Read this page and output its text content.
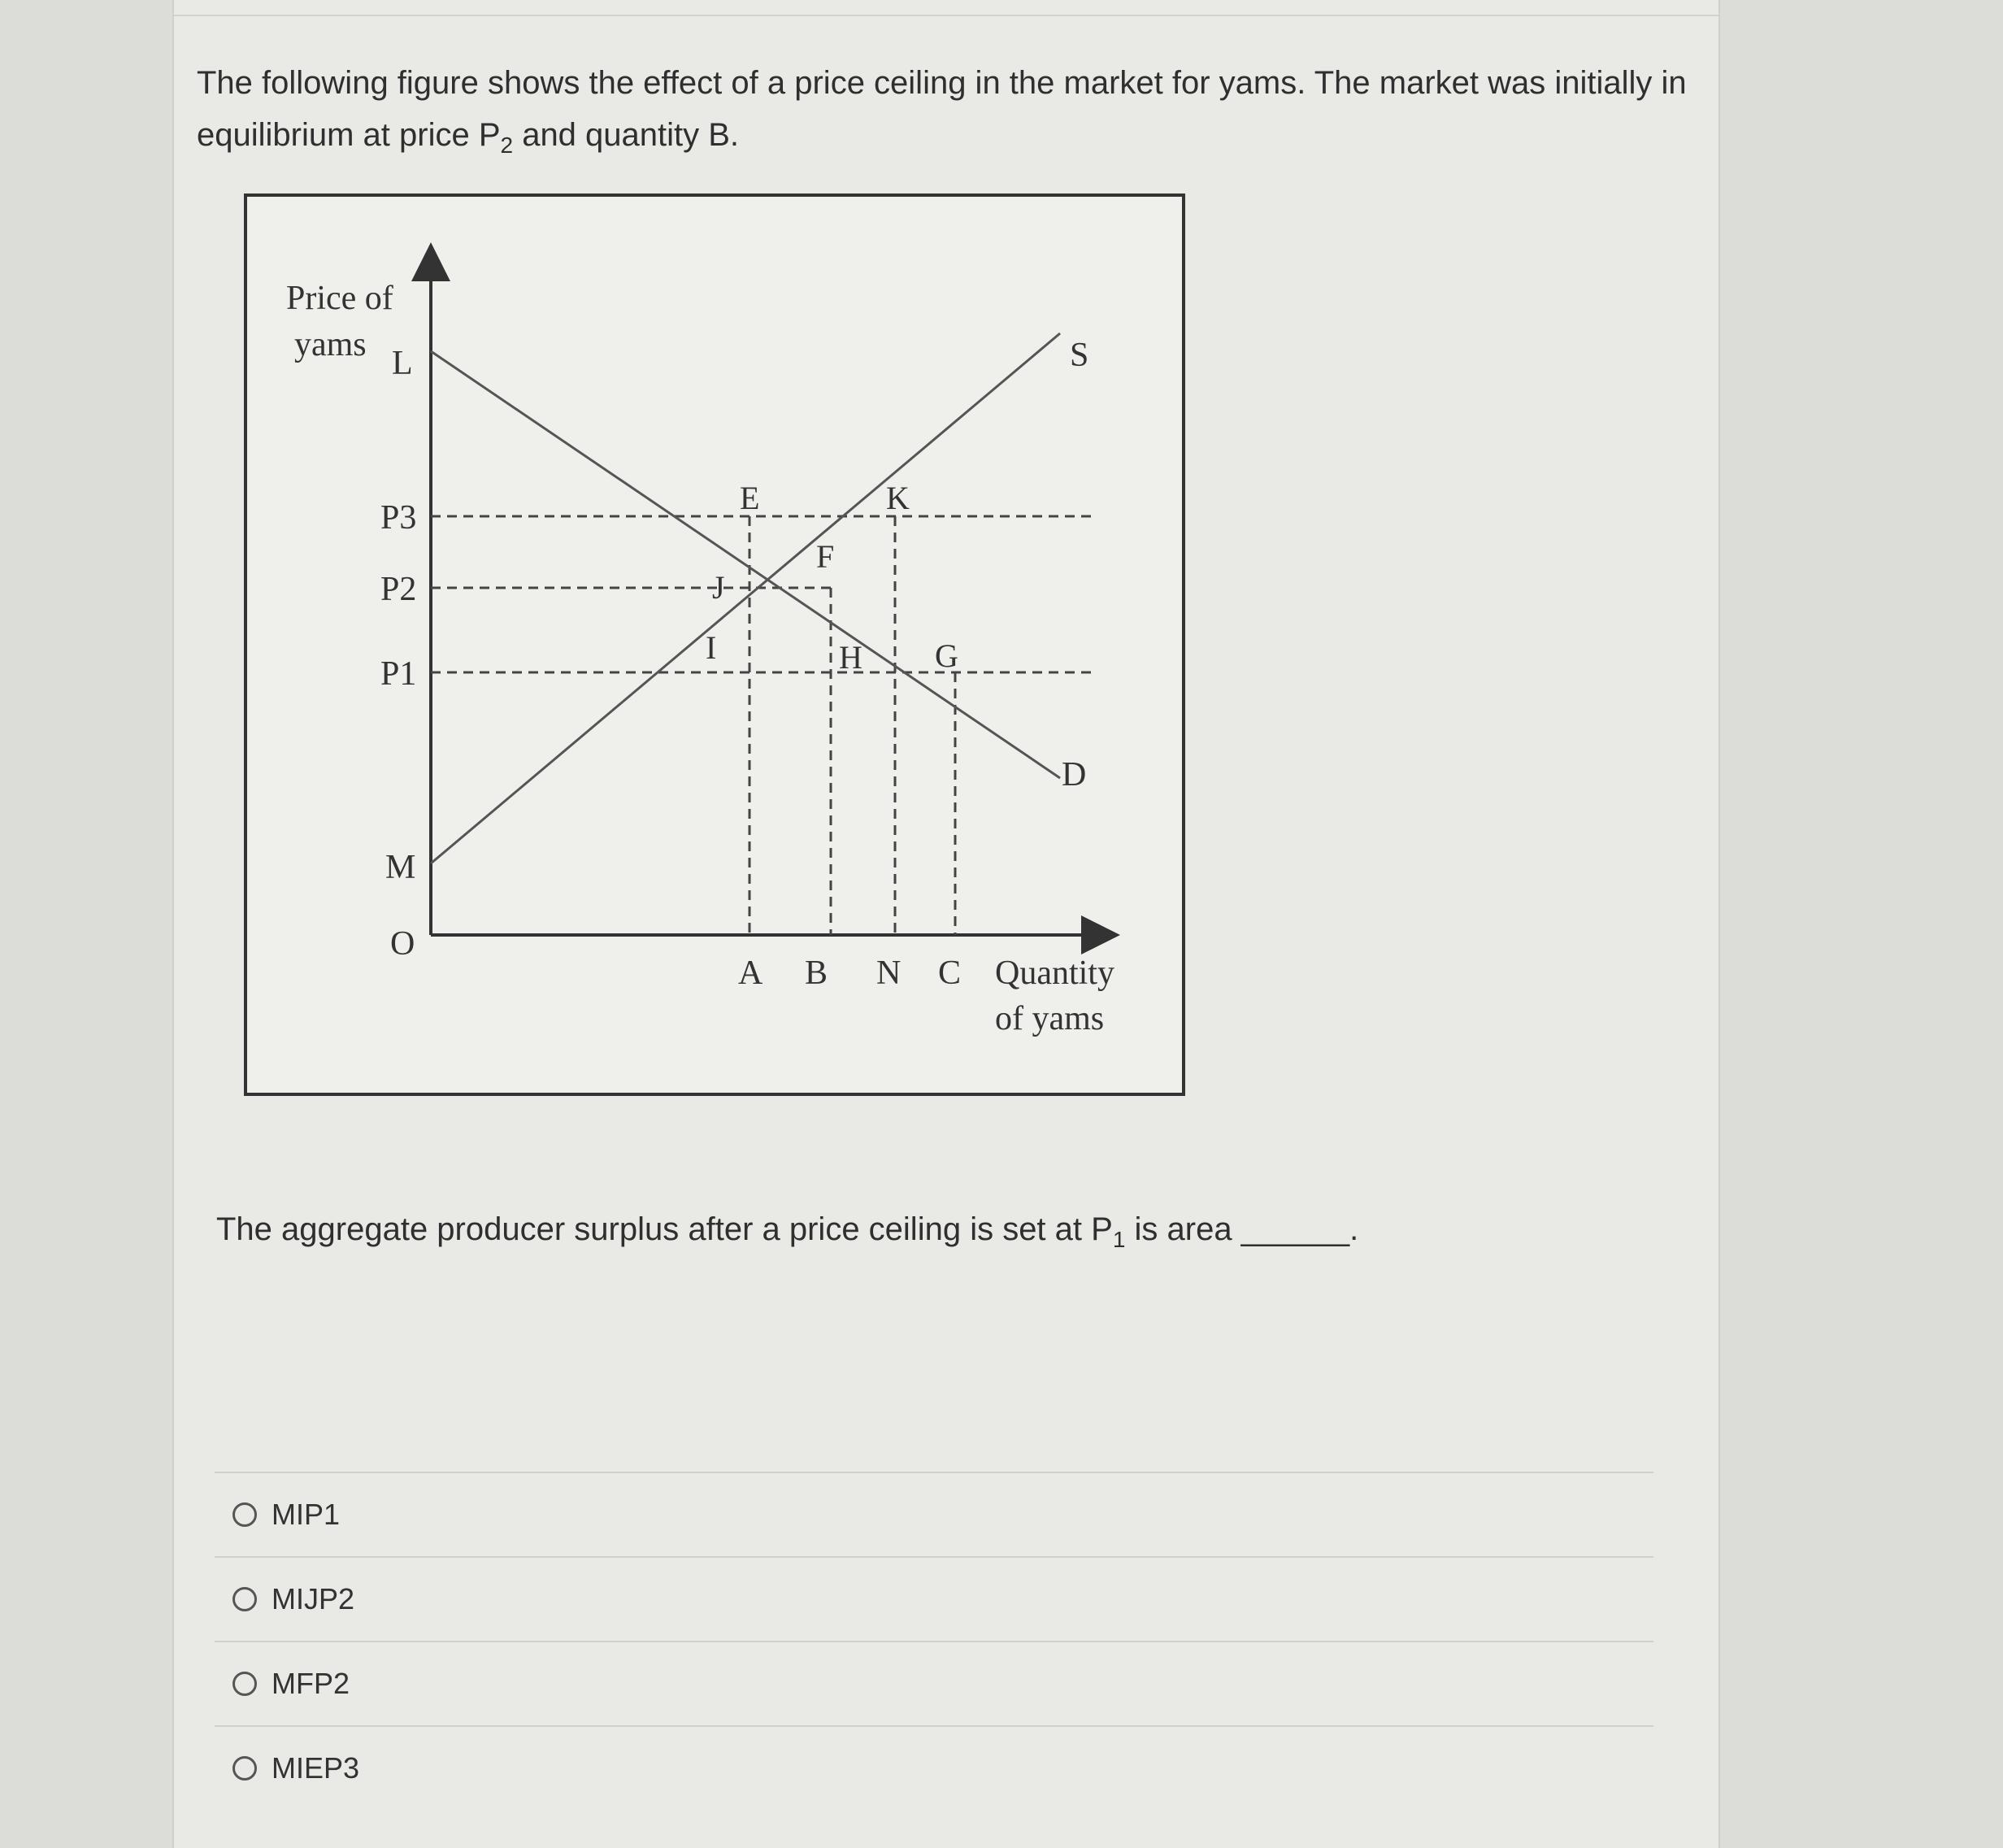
The following figure shows the effect of a price ceiling in the market for yams. The market was initially in equilibrium at price $P_2$ and quantity B.
Price of
yams
Quantity
of yams
O
L
P3
P2
P1
M
A B N C
E	K
F
J
I	H G
S
D
The aggregate producer surplus after a price ceiling is set at $P_1$ is area ______.
MIP1
MIJP2
MFP2
MIEP3
